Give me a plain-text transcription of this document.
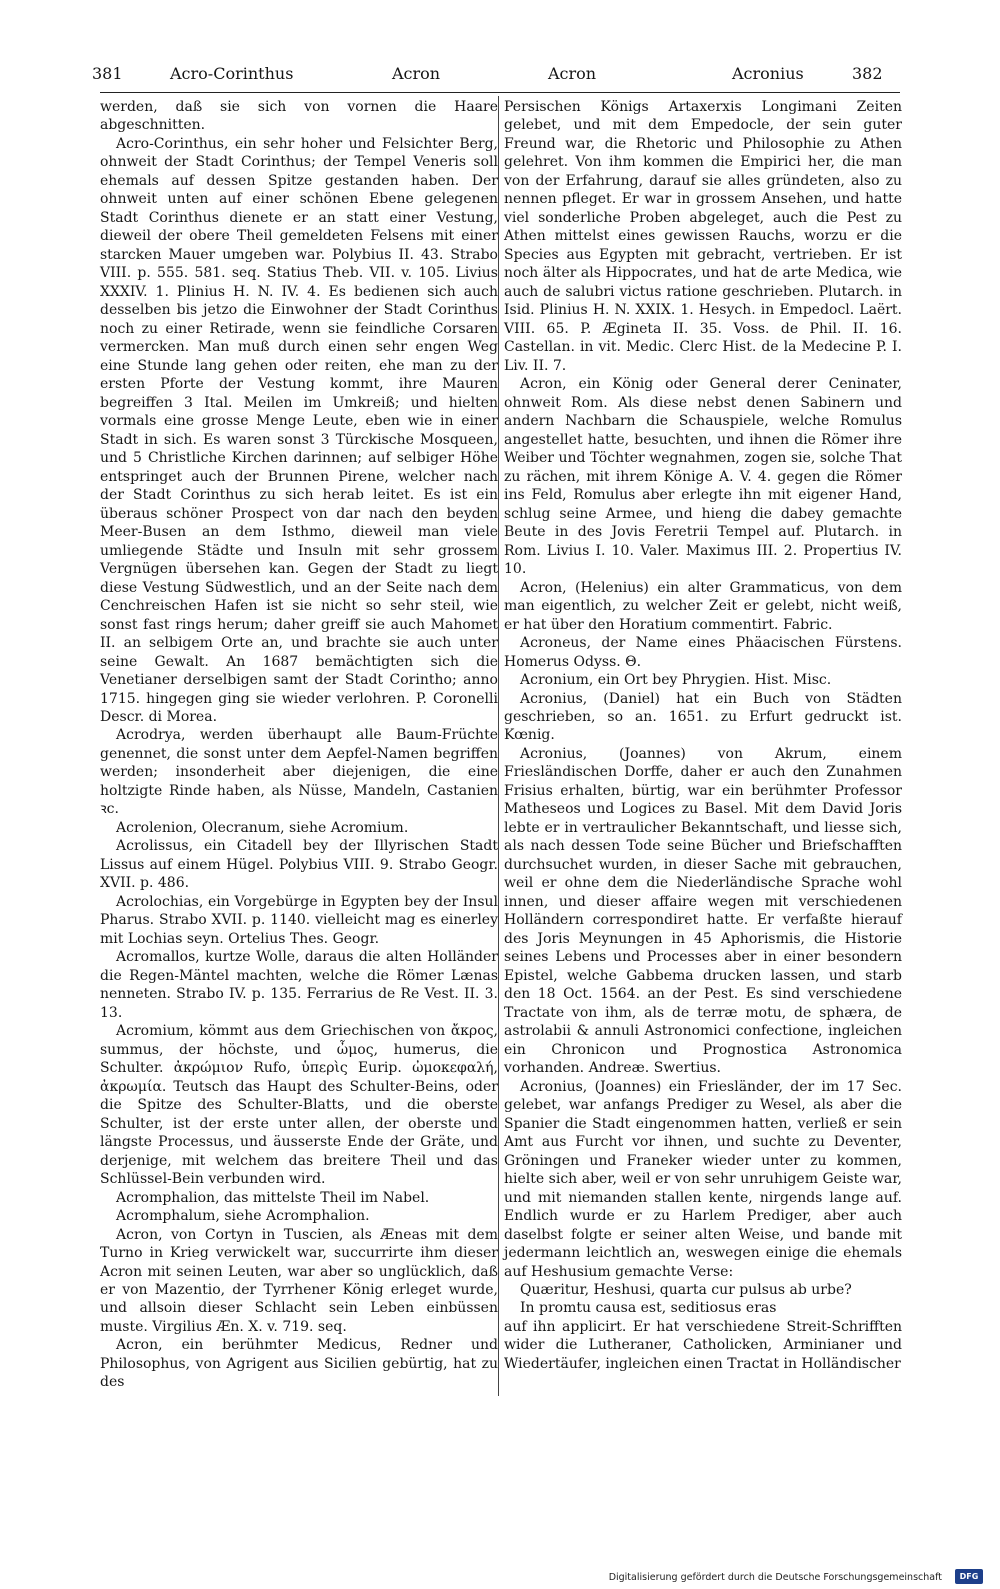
381	Acro-Corinthus	Acron	Acron	Acronius	382

werden, daß sie sich von vornen die Haare abgeschnitten.

Acro-Corinthus, ein sehr hoher und Felsichter Berg, ohnweit der Stadt Corinthus; der Tempel Veneris soll ehemals auf dessen Spitze gestanden haben. Der ohnweit unten auf einer schönen Ebene gelegenen Stadt Corinthus dienete er an statt einer Vestung, dieweil der obere Theil gemeldeten Felsens mit einer starcken Mauer umgeben war. Polybius II. 43. Strabo VIII. p. 555. 581. seq. Statius Theb. VII. v. 105. Livius XXXIV. 1. Plinius H. N. IV. 4. Es bedienen sich auch desselben bis jetzo die Einwohner der Stadt Corinthus noch zu einer Retirade, wenn sie feindliche Corsaren vermercken. Man muß durch einen sehr engen Weg eine Stunde lang gehen oder reiten, ehe man zu der ersten Pforte der Vestung kommt, ihre Mauren begreiffen 3 Ital. Meilen im Umkreiß; und hielten vormals eine grosse Menge Leute, eben wie in einer Stadt in sich. Es waren sonst 3 Türckische Mosqueen, und 5 Christliche Kirchen darinnen; auf selbiger Höhe entspringet auch der Brunnen Pirene, welcher nach der Stadt Corinthus zu sich herab leitet. Es ist ein überaus schöner Prospect von dar nach den beyden Meer-Busen an dem Isthmo, dieweil man viele umliegende Städte und Insuln mit sehr grossem Vergnügen übersehen kan. Gegen der Stadt zu liegt diese Vestung Südwestlich, und an der Seite nach dem Cenchreischen Hafen ist sie nicht so sehr steil, wie sonst fast rings herum; daher greiff sie auch Mahomet II. an selbigem Orte an, und brachte sie auch unter seine Gewalt. An 1687 bemächtigten sich die Venetianer derselbigen samt der Stadt Corintho; anno 1715. hingegen ging sie wieder verlohren. P. Coronelli Descr. di Morea.

Acrodrya, werden überhaupt alle Baum-Früchte genennet, die sonst unter dem Aepfel-Namen begriffen werden; insonderheit aber diejenigen, die eine holtzigte Rinde haben, als Nüsse, Mandeln, Castanien ꝛc.

Acrolenion, Olecranum, siehe Acromium.

Acrolissus, ein Citadell bey der Illyrischen Stadt Lissus auf einem Hügel. Polybius VIII. 9. Strabo Geogr. XVII. p. 486.

Acrolochias, ein Vorgebürge in Egypten bey der Insul Pharus. Strabo XVII. p. 1140. vielleicht mag es einerley mit Lochias seyn. Ortelius Thes. Geogr.

Acromallos, kurtze Wolle, daraus die alten Holländer die Regen-Mäntel machten, welche die Römer Lænas nenneten. Strabo IV. p. 135. Ferrarius de Re Vest. II. 3. 13.

Acromium, kömmt aus dem Griechischen von ἄκρος, summus, der höchste, und ὦμος, humerus, die Schulter. ἀκρώμιον Rufo, ὑπερὶς Eurip. ὠμοκεφαλή, ἀκρωμία. Teutsch das Haupt des Schulter-Beins, oder die Spitze des Schulter-Blatts, und die oberste Schulter, ist der erste unter allen, der oberste und längste Processus, und äusserste Ende der Gräte, und derjenige, mit welchem das breitere Theil und das Schlüssel-Bein verbunden wird.

Acromphalion, das mittelste Theil im Nabel.

Acromphalum, siehe Acromphalion.

Acron, von Cortyn in Tuscien, als Æneas mit dem Turno in Krieg verwickelt war, succurrirte ihm dieser Acron mit seinen Leuten, war aber so unglücklich, daß er von Mazentio, der Tyrrhener König erleget wurde, und allsoin dieser Schlacht sein Leben einbüssen muste. Virgilius Æn. X. v. 719. seq.

Acron, ein berühmter Medicus, Redner und Philosophus, von Agrigent aus Sicilien gebürtig, hat zu des

Persischen Königs Artaxerxis Longimani Zeiten gelebet, und mit dem Empedocle, der sein guter Freund war, die Rhetoric und Philosophie zu Athen gelehret. Von ihm kommen die Empirici her, die man von der Erfahrung, darauf sie alles gründeten, also zu nennen pfleget. Er war in grossem Ansehen, und hatte viel sonderliche Proben abgeleget, auch die Pest zu Athen mittelst eines gewissen Rauchs, worzu er die Species aus Egypten mit gebracht, vertrieben. Er ist noch älter als Hippocrates, und hat de arte Medica, wie auch de salubri victus ratione geschrieben. Plutarch. in Isid. Plinius H. N. XXIX. 1. Hesych. in Empedocl. Laërt. VIII. 65. P. Ægineta II. 35. Voss. de Phil. II. 16. Castellan. in vit. Medic. Clerc Hist. de la Medecine P. I. Liv. II. 7.

Acron, ein König oder General derer Ceninater, ohnweit Rom. Als diese nebst denen Sabinern und andern Nachbarn die Schauspiele, welche Romulus angestellet hatte, besuchten, und ihnen die Römer ihre Weiber und Töchter wegnahmen, zogen sie, solche That zu rächen, mit ihrem Könige A. V. 4. gegen die Römer ins Feld, Romulus aber erlegte ihn mit eigener Hand, schlug seine Armee, und hieng die dabey gemachte Beute in des Jovis Feretrii Tempel auf. Plutarch. in Rom. Livius I. 10. Valer. Maximus III. 2. Propertius IV. 10.

Acron, (Helenius) ein alter Grammaticus, von dem man eigentlich, zu welcher Zeit er gelebt, nicht weiß, er hat über den Horatium commentirt. Fabric.

Acroneus, der Name eines Phäacischen Fürstens. Homerus Odyss. Θ.

Acronium, ein Ort bey Phrygien. Hist. Misc.

Acronius, (Daniel) hat ein Buch von Städten geschrieben, so an. 1651. zu Erfurt gedruckt ist. Kœnig.

Acronius, (Joannes) von Akrum, einem Friesländischen Dorffe, daher er auch den Zunahmen Frisius erhalten, bürtig, war ein berühmter Professor Matheseos und Logices zu Basel. Mit dem David Joris lebte er in vertraulicher Bekanntschaft, und liesse sich, als nach dessen Tode seine Bücher und Briefschafften durchsuchet wurden, in dieser Sache mit gebrauchen, weil er ohne dem die Niederländische Sprache wohl innen, und dieser affaire wegen mit verschiedenen Holländern correspondiret hatte. Er verfaßte hierauf des Joris Meynungen in 45 Aphorismis, die Historie seines Lebens und Processes aber in einer besondern Epistel, welche Gabbema drucken lassen, und starb den 18 Oct. 1564. an der Pest. Es sind verschiedene Tractate von ihm, als de terræ motu, de sphæra, de astrolabii & annuli Astronomici confectione, ingleichen ein Chronicon und Prognostica Astronomica vorhanden. Andreæ. Swertius.

Acronius, (Joannes) ein Friesländer, der im 17 Sec. gelebet, war anfangs Prediger zu Wesel, als aber die Spanier die Stadt eingenommen hatten, verließ er sein Amt aus Furcht vor ihnen, und suchte zu Deventer, Gröningen und Franeker wieder unter zu kommen, hielte sich aber, weil er von sehr unruhigem Geiste war, und mit niemanden stallen kente, nirgends lange auf. Endlich wurde er zu Harlem Prediger, aber auch daselbst folgte er seiner alten Weise, und bande mit jedermann leichtlich an, weswegen einige die ehemals auf Heshusium gemachte Verse:

Quæritur, Heshusi, quarta cur pulsus ab urbe?

In promtu causa est, seditiosus eras

auf ihn applicirt. Er hat verschiedene Streit-Schrifften wider die Lutheraner, Catholicken, Arminianer und Wiedertäufer, ingleichen einen Tractat in Holländischer

Digitalisierung gefördert durch die Deutsche Forschungsgemeinschaft	DFG
